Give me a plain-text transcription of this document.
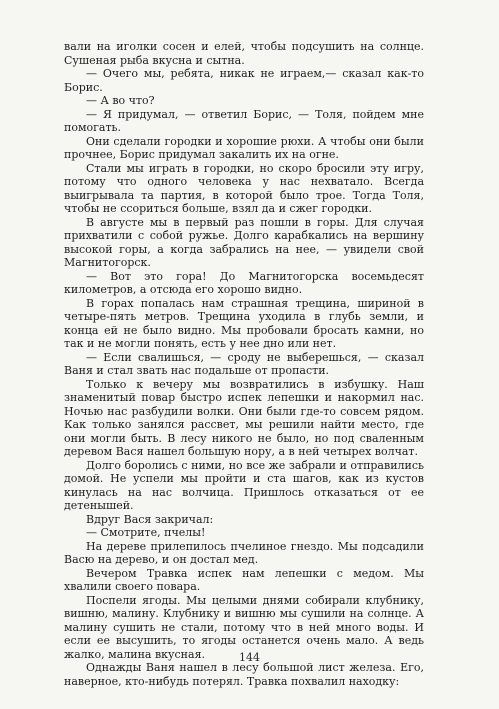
вали на иголки сосен и елей, чтобы подсушить на солнце. Сушеная рыба вкусна и сытна.

— Очего мы, ребята, никак не играем,— сказал как-то Борис.

— А во что?

— Я придумал, — ответил Борис, — Толя, пойдем мне помогать.

Они сделали городки и хорошие рюхи. А чтобы они были прочнее, Борис придумал закалить их на огне.

Стали мы играть в городки, но скоро бросили эту игру, потому что одного человека у нас нехватало. Всегда выигрывала та партия, в которой было трое. Тогда Толя, чтобы не ссориться больше, взял да и сжег городки.

В августе мы в первый раз пошли в горы. Для случая прихватили с собой ружье. Долго карабкались на вершину высокой горы, а когда забрались на нее, — увидели свой Магнитогорск.

— Вот это гора! До Магнитогорска восемьдесят километров, а отсюда его хорошо видно.

В горах попалась нам страшная трещина, шириной в четыре-пять метров. Трещина уходила в глубь земли, и конца ей не было видно. Мы пробовали бросать камни, но так и не могли понять, есть у нее дно или нет.

— Если свалишься, — сроду не выберешься, — сказал Ваня и стал звать нас подальше от пропасти.

Только к вечеру мы возвратились в избушку. Наш знаменитый повар быстро испек лепешки и накормил нас. Ночью нас разбудили волки. Они были где-то совсем рядом. Как только занялся рассвет, мы решили найти место, где они могли быть. В лесу никого не было, но под сваленным деревом Вася нашел большую нору, а в ней четырех волчат.

Долго боролись с ними, но все же забрали и отправились домой. Не успели мы пройти и ста шагов, как из кустов кинулась на нас волчица. Пришлось отказаться от ее детенышей.

Вдруг Вася закричал:

— Смотрите, пчелы!

На дереве прилепилось пчелиное гнездо. Мы подсадили Васю на дерево, и он достал мед.

Вечером Травка испек нам лепешки с медом. Мы хвалили своего повара.

Поспели ягоды. Мы целыми днями собирали клубнику, вишню, малину. Клубнику и вишню мы сушили на солнце. А малину сушить не стали, потому что в ней много воды. И если ее высушить, то ягоды останется очень мало. А ведь жалко, малина вкусная.

Однажды Ваня нашел в лесу большой лист железа. Его, наверное, кто-нибудь потерял. Травка похвалил находку:

144
